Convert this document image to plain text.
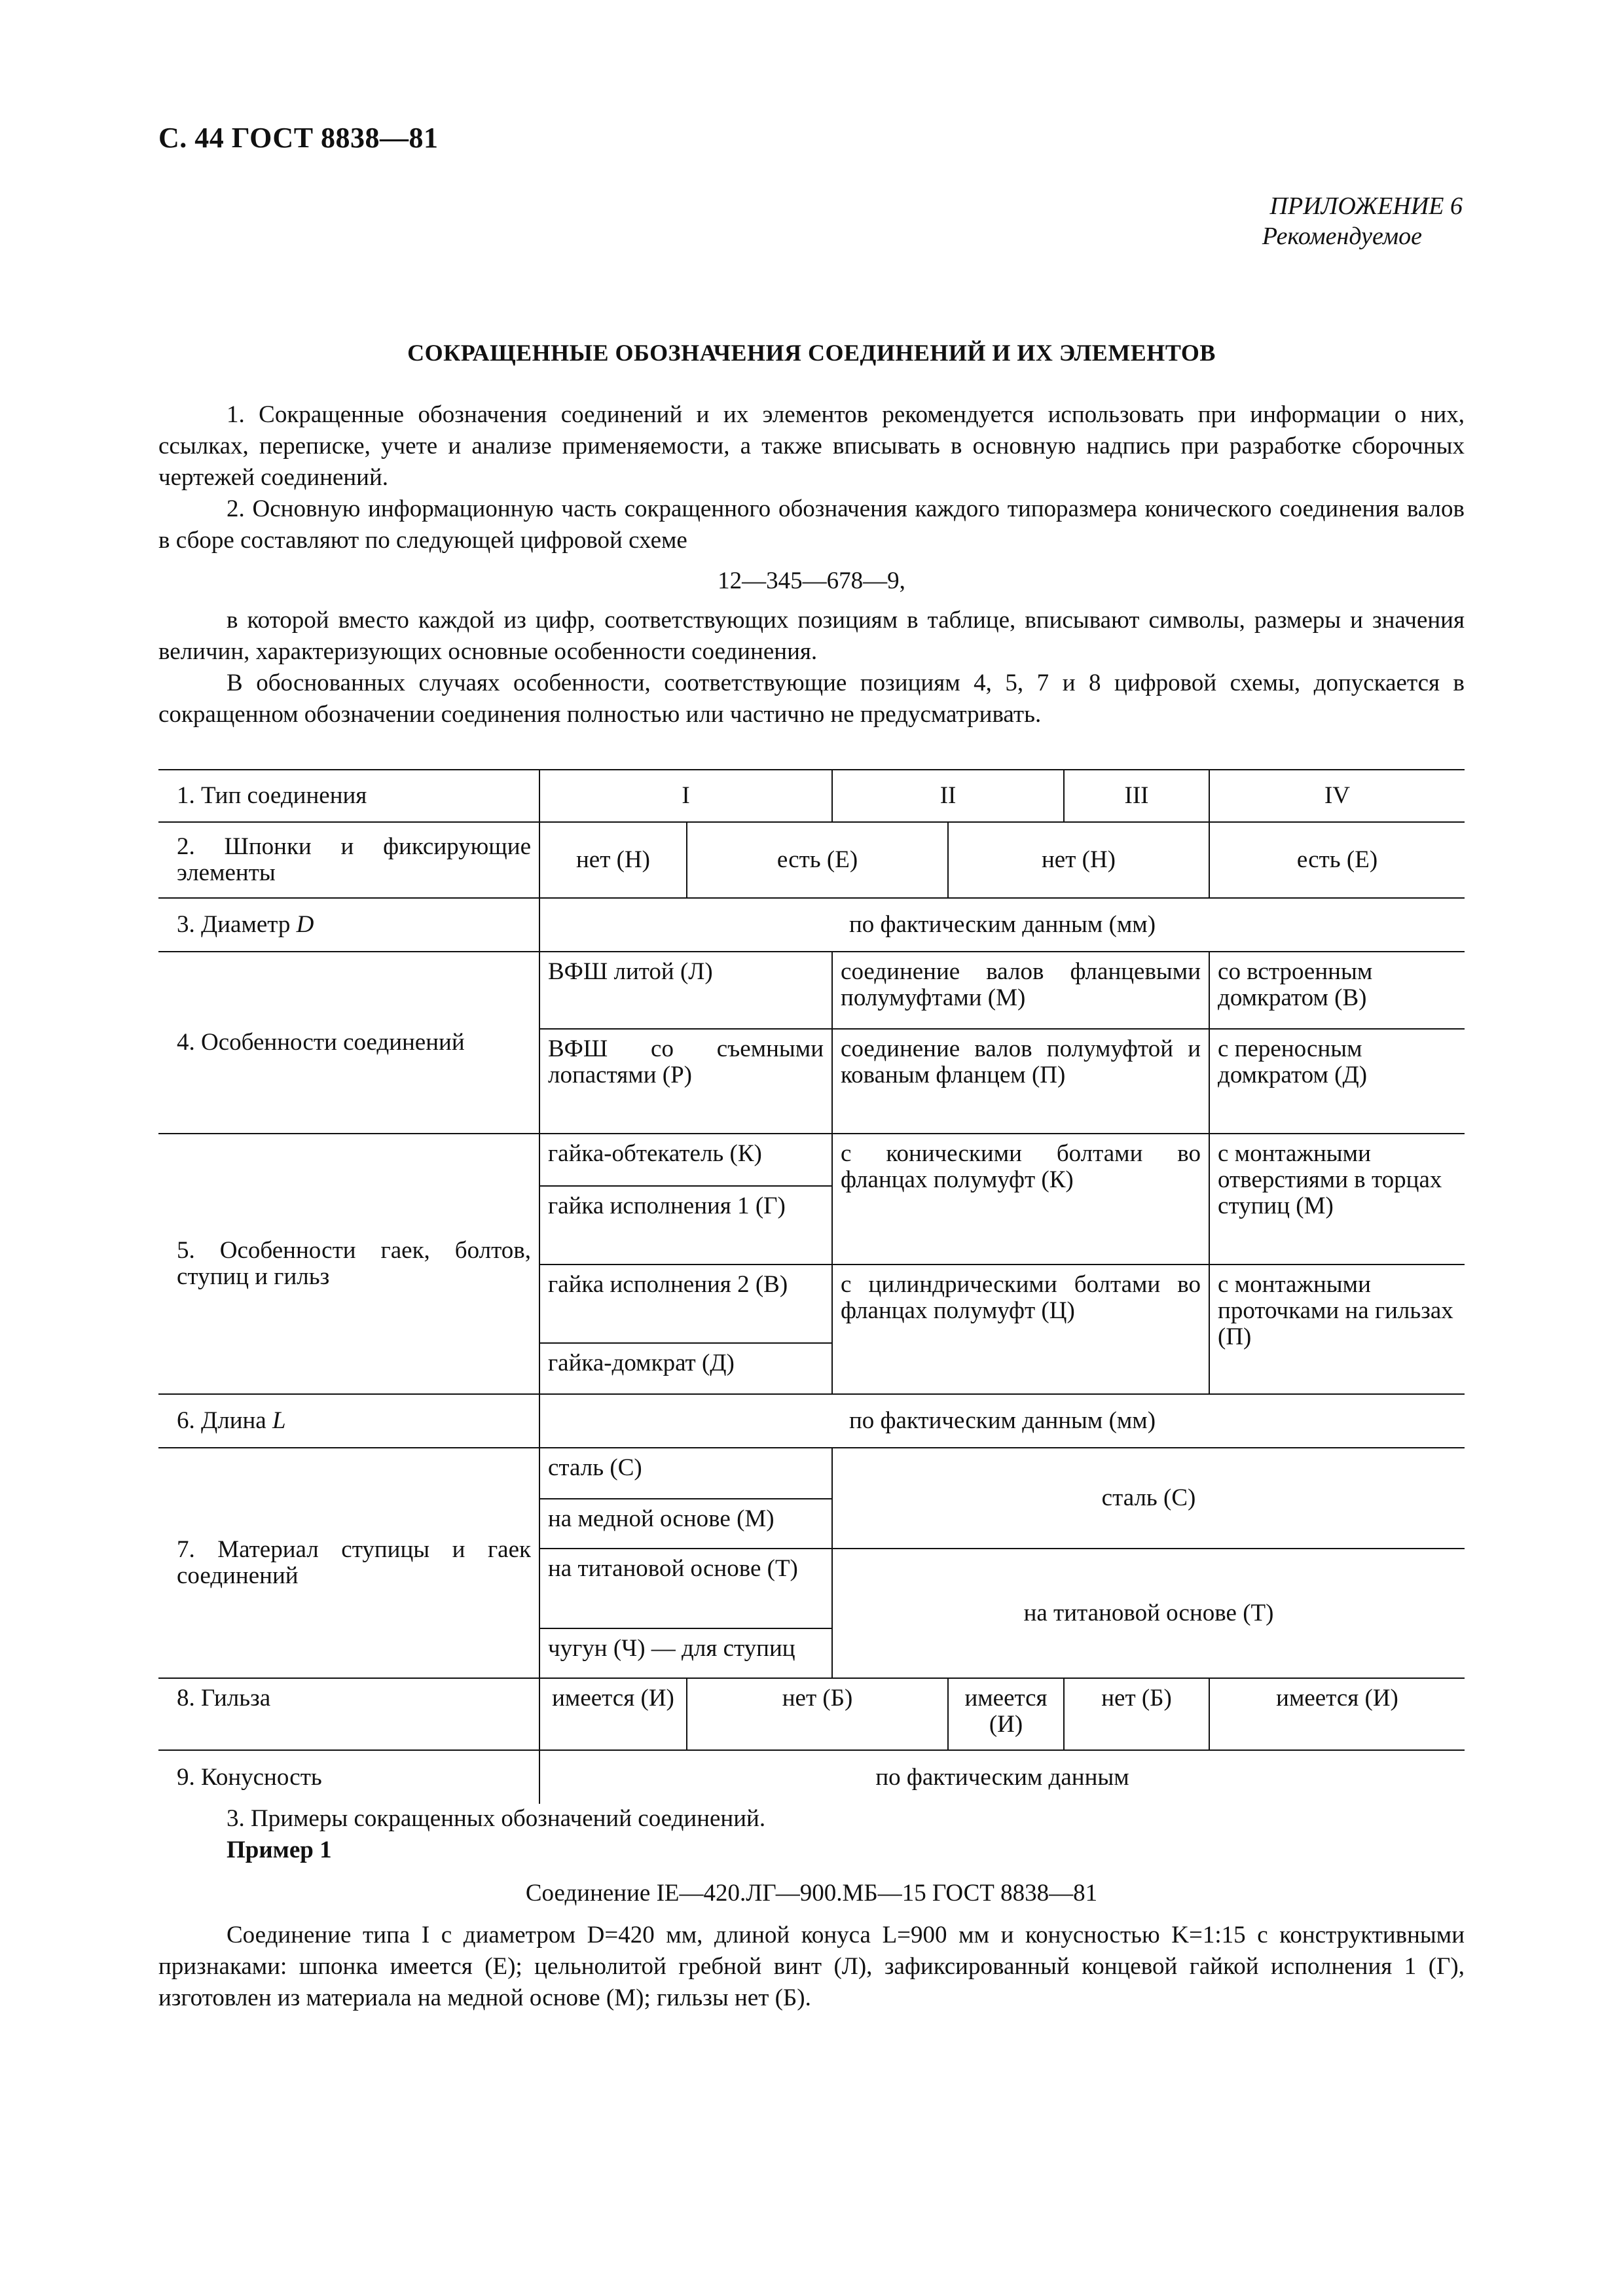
С. 44 ГОСТ 8838—81
ПРИЛОЖЕНИЕ 6
Рекомендуемое
СОКРАЩЕННЫЕ ОБОЗНАЧЕНИЯ СОЕДИНЕНИЙ И ИХ ЭЛЕМЕНТОВ

1. Сокращенные обозначения соединений и их элементов рекомендуется использовать при информации о них, ссылках, переписке, учете и анализе применяемости, а также вписывать в основную надпись при разработке сборочных чертежей соединений.

2. Основную информационную часть сокращенного обозначения каждого типоразмера конического соединения валов в сборе составляют по следующей цифровой схеме

12—345—678—9,

в которой вместо каждой из цифр, соответствующих позициям в таблице, вписывают символы, размеры и значения величин, характеризующих основные особенности соединения.

В обоснованных случаях особенности, соответствующие позициям 4, 5, 7 и 8 цифровой схемы, допускается в сокращенном обозначении соединения полностью или частично не предусматривать.

1. Тип соединения	I		II		III	IV
2. Шпонки и фиксирующие элементы	нет (Н)	есть (Е)		нет (Н)		есть (Е)
3. Диаметр D	по фактическим данным (мм)					
4. Особенности соединений	ВФШ литой (Л)		соединение валов фланцевыми полумуфтами (М)			со встроенным домкратом (В)
	ВФШ со съемными лопастями (Р)		соединение валов полумуфтой и кованым фланцем (П)			с переносным домкратом (Д)
5. Особенности гаек, болтов, ступиц и гильз	гайка-обтекатель (К)		с коническими болтами во фланцах полумуфт (К)			с монтажными отверстиями в торцах ступиц (М)
	гайка исполнения 1 (Г)					
	гайка исполнения 2 (В)		с цилиндрическими болтами во фланцах полумуфт (Ц)			с монтажными проточками на гильзах (П)
	гайка-домкрат (Д)					
6. Длина L	по фактическим данным (мм)					
7. Материал ступицы и гаек соединений	сталь (С)		сталь (С)			
	на медной основе (М)					
	на титановой основе (Т)		на титановой основе (Т)			
	чугун (Ч) — для ступиц					
8. Гильза	имеется (И)	нет (Б)		имеется (И)	нет (Б)	имеется (И)
9. Конусность	по фактическим данным					

3. Примеры сокращенных обозначений соединений.

Пример 1

Соединение IЕ—420.ЛГ—900.МБ—15 ГОСТ 8838—81

Соединение типа I с диаметром D=420 мм, длиной конуса L=900 мм и конусностью K=1:15 с конструктивными признаками: шпонка имеется (Е); цельнолитой гребной винт (Л), зафиксированный концевой гайкой исполнения 1 (Г), изготовлен из материала на медной основе (М); гильзы нет (Б).
